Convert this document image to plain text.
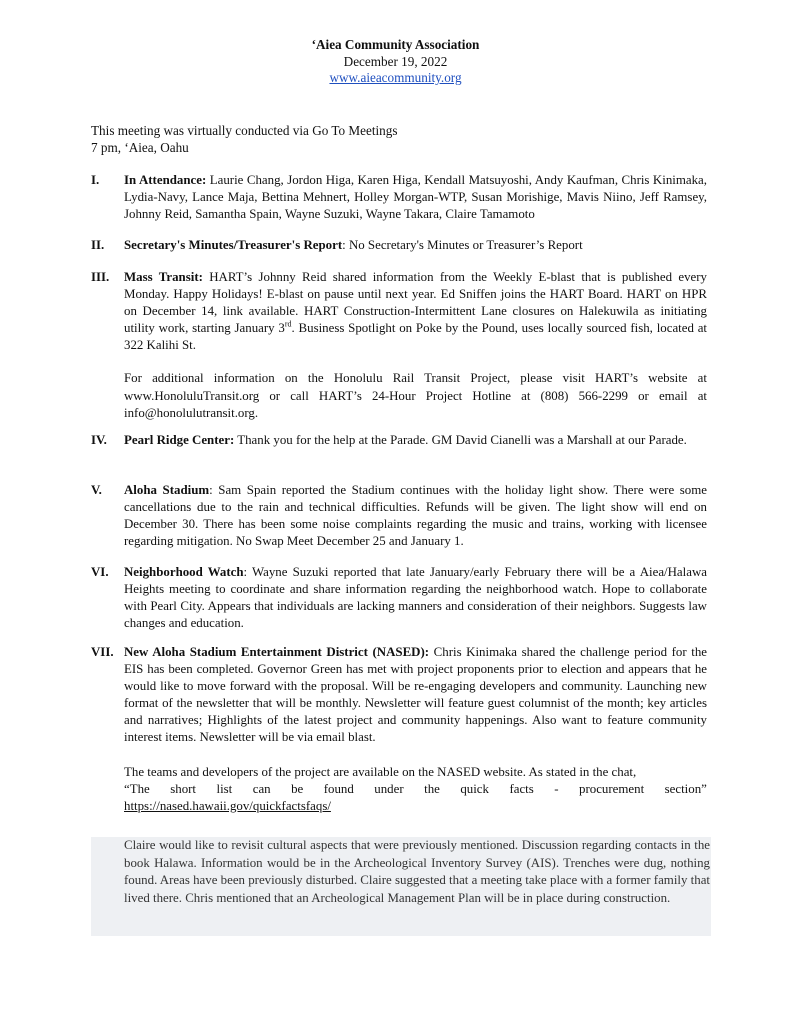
‘Aiea Community Association
December 19, 2022
www.aieacommunity.org
This meeting was virtually conducted via Go To Meetings
7 pm, ‘Aiea, Oahu
I. In Attendance: Laurie Chang, Jordon Higa, Karen Higa, Kendall Matsuyoshi, Andy Kaufman, Chris Kinimaka, Lydia-Navy, Lance Maja, Bettina Mehnert, Holley Morgan-WTP, Susan Morishige, Mavis Niino, Jeff Ramsey, Johnny Reid, Samantha Spain, Wayne Suzuki, Wayne Takara, Claire Tamamoto

II. Secretary's Minutes/Treasurer's Report: No Secretary's Minutes or Treasurer’s Report

III. Mass Transit: HART’s Johnny Reid shared information from the Weekly E-blast that is published every Monday. Happy Holidays! E-blast on pause until next year. Ed Sniffen joins the HART Board. HART on HPR on December 14, link available. HART Construction-Intermittent Lane closures on Halekuwila as initiating utility work, starting January 3rd. Business Spotlight on Poke by the Pound, uses locally sourced fish, located at 322 Kalihi St.

For additional information on the Honolulu Rail Transit Project, please visit HART’s website at www.HonoluluTransit.org or call HART’s 24-Hour Project Hotline at (808) 566-2299 or email at info@honolulutransit.org.

IV. Pearl Ridge Center: Thank you for the help at the Parade. GM David Cianelli was a Marshall at our Parade.

V. Aloha Stadium: Sam Spain reported the Stadium continues with the holiday light show. There were some cancellations due to the rain and technical difficulties. Refunds will be given. The light show will end on December 30. There has been some noise complaints regarding the music and trains, working with licensee regarding mitigation. No Swap Meet December 25 and January 1.

VI. Neighborhood Watch: Wayne Suzuki reported that late January/early February there will be a Aiea/Halawa Heights meeting to coordinate and share information regarding the neighborhood watch. Hope to collaborate with Pearl City. Appears that individuals are lacking manners and consideration of their neighbors. Suggests law changes and education.

VII. New Aloha Stadium Entertainment District (NASED): Chris Kinimaka shared the challenge period for the EIS has been completed. Governor Green has met with project proponents prior to election and appears that he would like to move forward with the proposal. Will be re-engaging developers and community. Launching new format of the newsletter that will be monthly. Newsletter will feature guest columnist of the month; key articles and narratives; Highlights of the latest project and community happenings. Also want to feature community interest items. Newsletter will be via email blast.

The teams and developers of the project are available on the NASED website. As stated in the chat,
“The short list can be found under the quick facts - procurement section”
https://nased.hawaii.gov/quickfactsfaqs/
Claire would like to revisit cultural aspects that were previously mentioned. Discussion regarding contacts in the book Halawa. Information would be in the Archeological Inventory Survey (AIS). Trenches were dug, nothing found. Areas have been previously disturbed. Claire suggested that a meeting take place with a former family that lived there. Chris mentioned that an Archeological Management Plan will be in place during construction.
